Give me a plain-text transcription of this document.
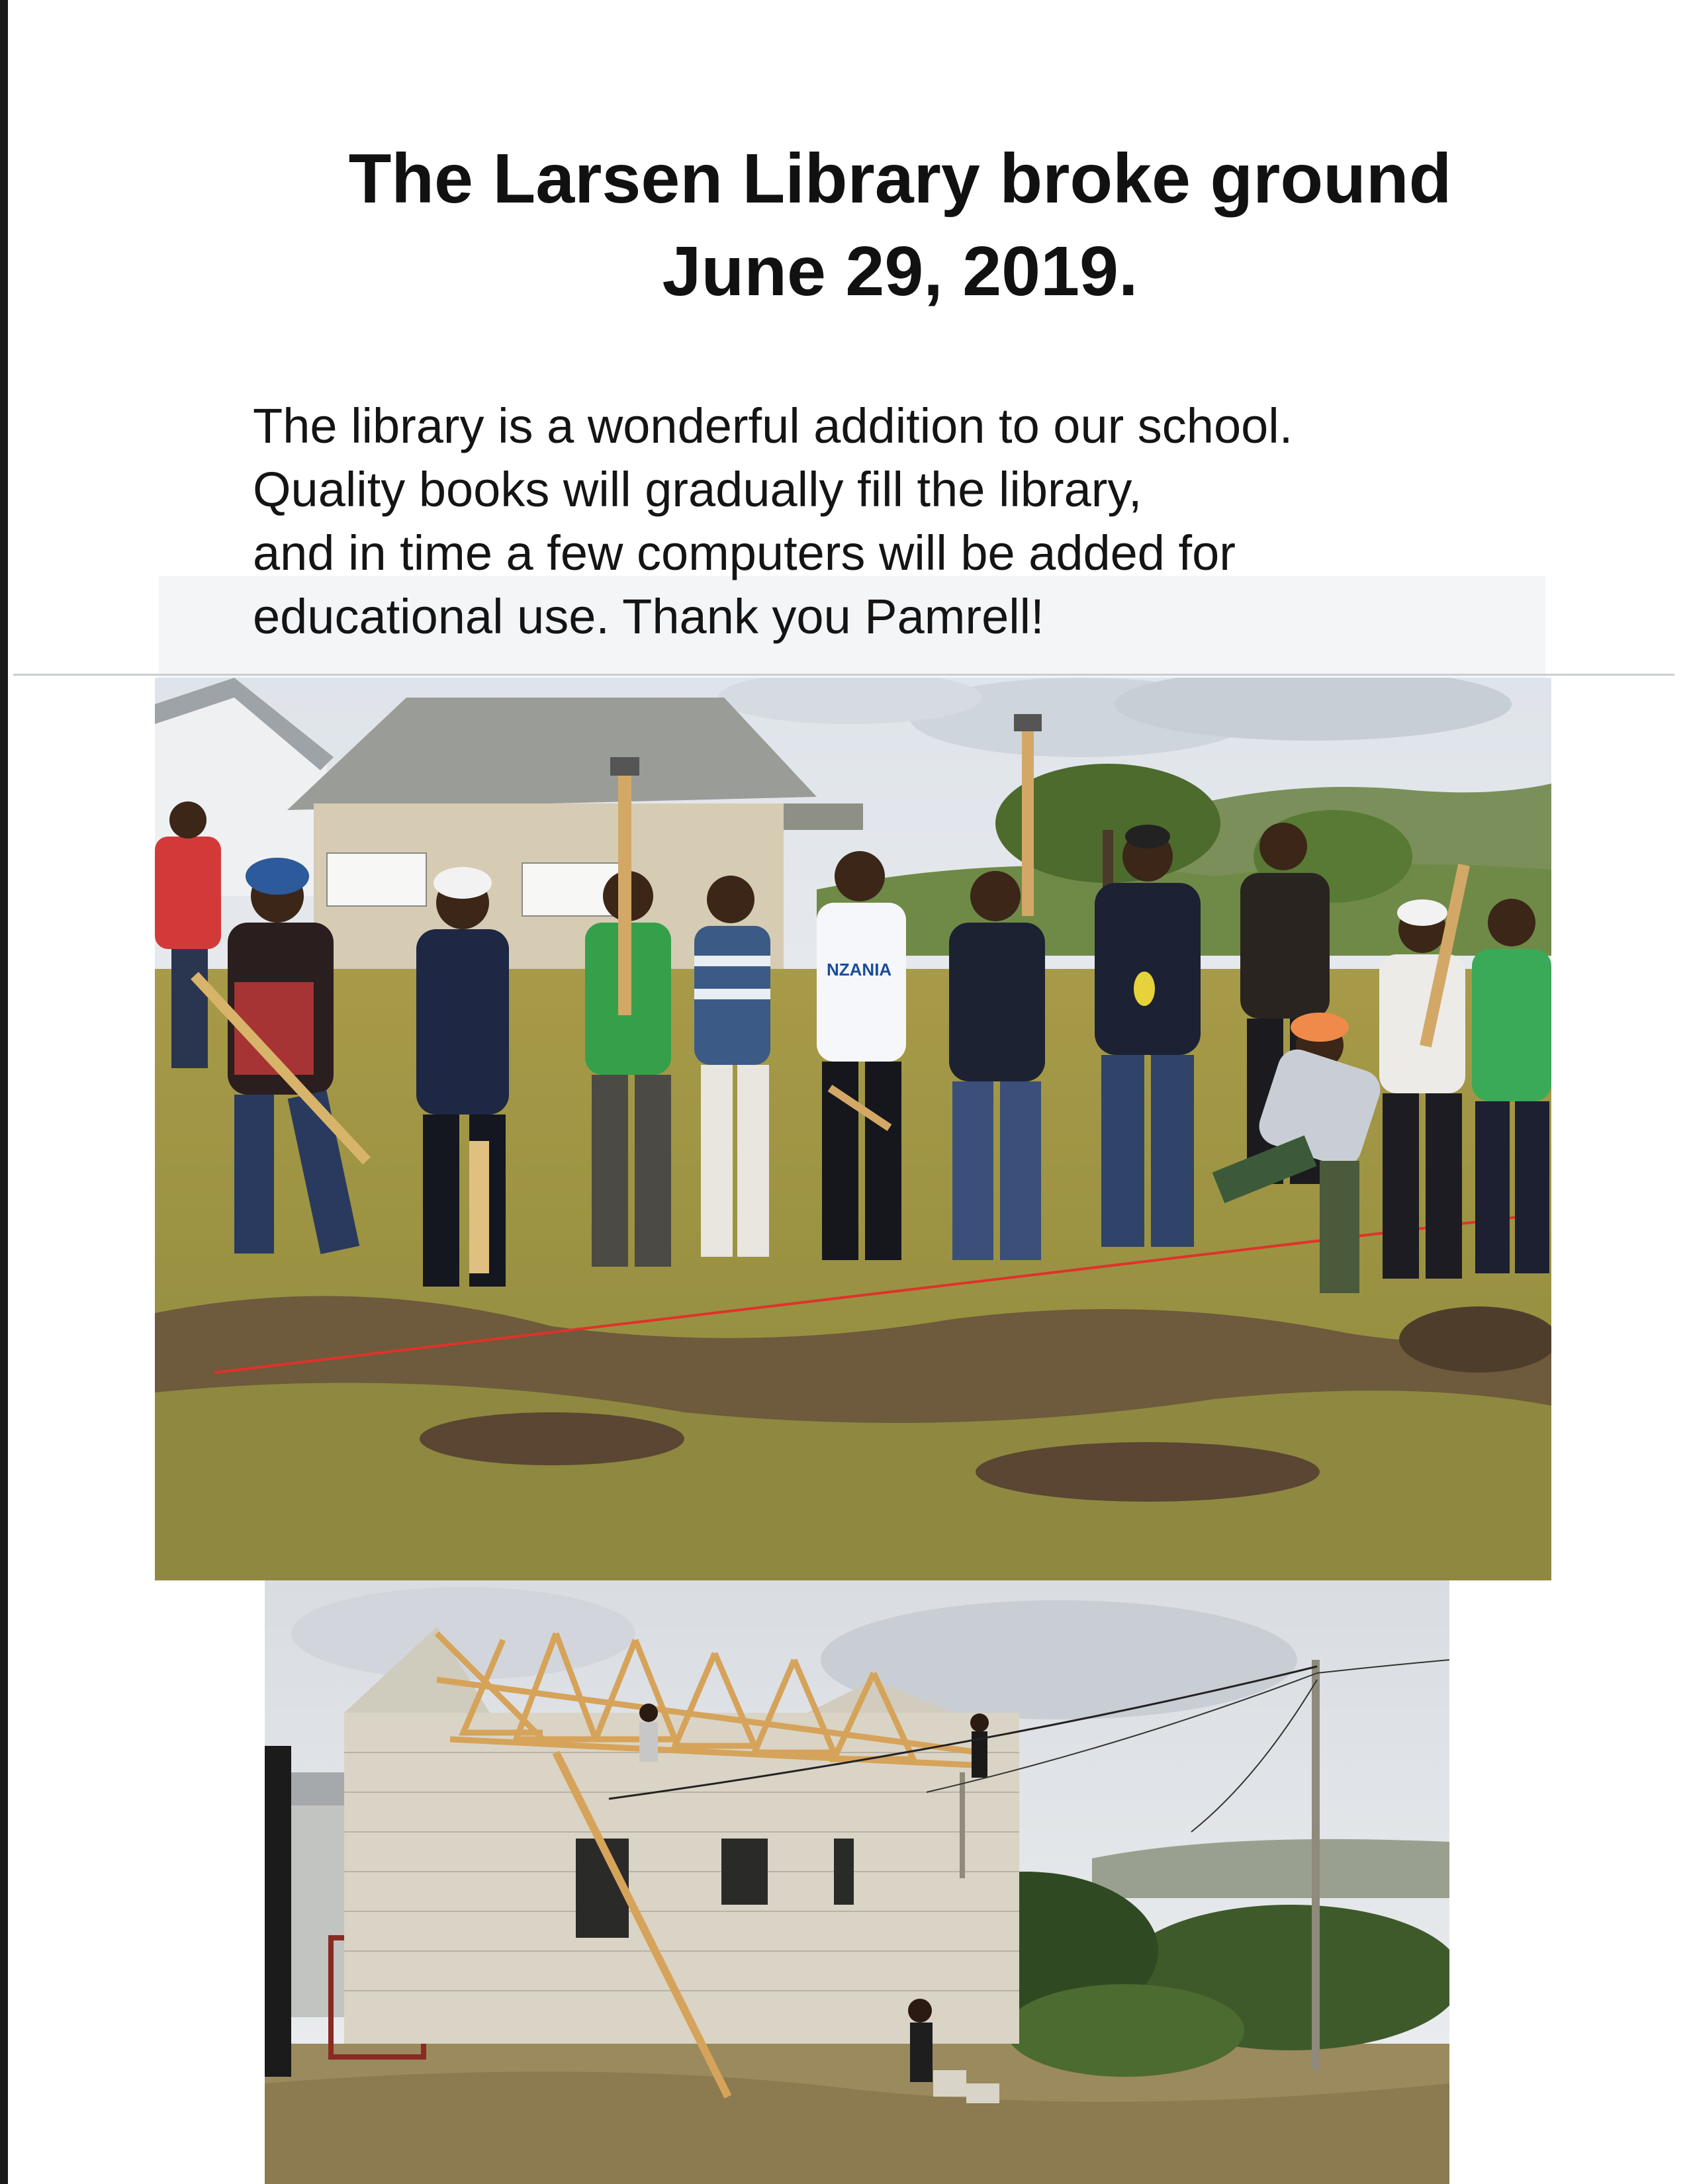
The Larsen Library broke ground
June 29, 2019.

The library is a wonderful addition to our school.
Quality books will gradually fill the library,
and in time a few computers will be added for
educational use. Thank you Pamrell!

NZANIA
